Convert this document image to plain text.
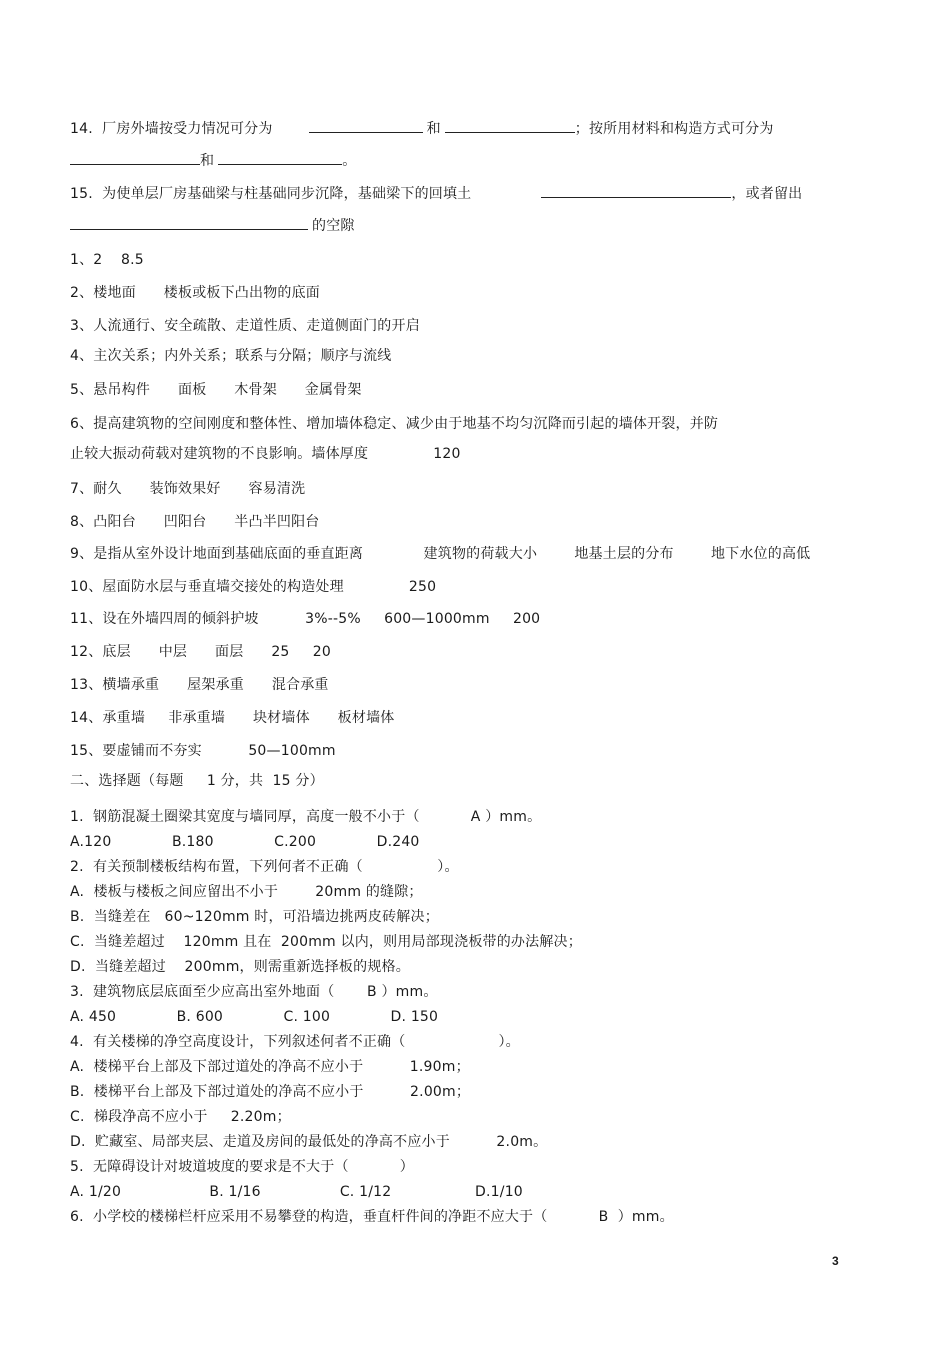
14.  厂房外墙按受力情况可分为	和	；按所用材料和构造方式可分为
和	。
15.  为使单层厂房基础梁与柱基础同步沉降，基础梁下的回填土	，或者留出
的空隙
1、2    8.5
2、楼地面      楼板或板下凸出物的底面
3、人流通行、安全疏散、走道性质、走道侧面门的开启
4、主次关系；内外关系；联系与分隔；顺序与流线
5、悬吊构件      面板      木骨架      金属骨架
6、提高建筑物的空间刚度和整体性、增加墙体稳定、减少由于地基不均匀沉降而引起的墙体开裂，并防
止较大振动荷载对建筑物的不良影响。墙体厚度              120
7、耐久      装饰效果好      容易清洗
8、凸阳台      凹阳台      半凸半凹阳台
9、是指从室外设计地面到基础底面的垂直距离             建筑物的荷载大小        地基土层的分布        地下水位的高低
10、屋面防水层与垂直墙交接处的构造处理              250
11、设在外墙四周的倾斜护坡          3%--5%     600—1000mm     200
12、底层      中层      面层      25     20
13、横墙承重      屋架承重      混合承重
14、承重墙     非承重墙      块材墙体      板材墙体
15、要虚铺而不夯实          50—100mm
二、选择题（每题     1 分，共  15 分）
1.  钢筋混凝土圈梁其宽度与墙同厚，高度一般不小于（           A ）mm。
A.120             B.180             C.200             D.240
2.  有关预制楼板结构布置，下列何者不正确（                ）。
A.  楼板与楼板之间应留出不小于        20mm 的缝隙；
B.  当缝差在   60~120mm 时，可沿墙边挑两皮砖解决；
C.  当缝差超过    120mm 且在  200mm 以内，则用局部现浇板带的办法解决；
D.  当缝差超过    200mm，则需重新选择板的规格。
3.  建筑物底层底面至少应高出室外地面（       B ）mm。
A. 450             B. 600             C. 100             D. 150
4.  有关楼梯的净空高度设计，下列叙述何者不正确（                    ）。
A.  楼梯平台上部及下部过道处的净高不应小于          1.90m；
B.  楼梯平台上部及下部过道处的净高不应小于          2.00m；
C.  梯段净高不应小于     2.20m；
D.  贮藏室、局部夹层、走道及房间的最低处的净高不应小于          2.0m。
5.  无障碍设计对坡道坡度的要求是不大于（           ）
A. 1/20                   B. 1/16                 C. 1/12                  D.1/10
6.  小学校的楼梯栏杆应采用不易攀登的构造，垂直杆件间的净距不应大于（           B  ）mm。
3
